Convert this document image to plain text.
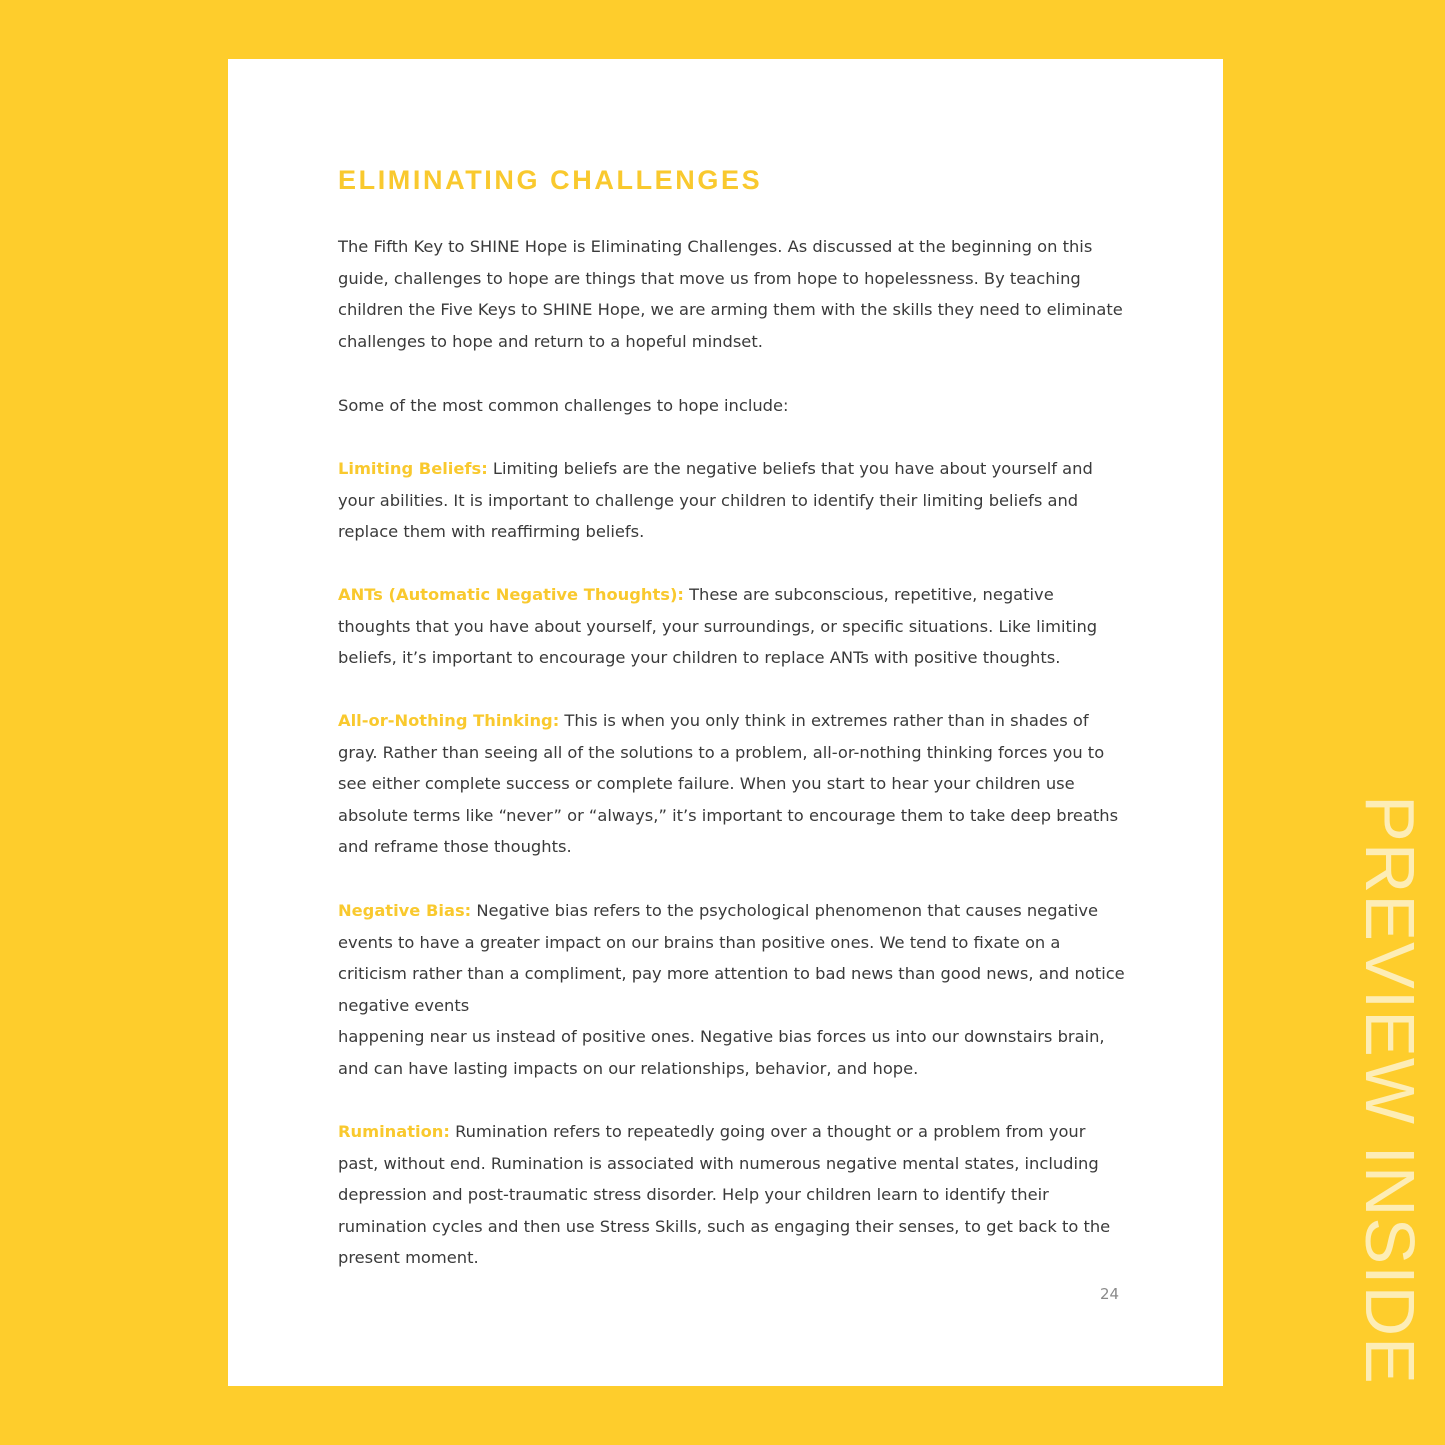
ELIMINATING CHALLENGES

The Fifth Key to SHINE Hope is Eliminating Challenges. As discussed at the beginning on this guide, challenges to hope are things that move us from hope to hopelessness. By teaching children the Five Keys to SHINE Hope, we are arming them with the skills they need to eliminate challenges to hope and return to a hopeful mindset.

Some of the most common challenges to hope include:

Limiting Beliefs: Limiting beliefs are the negative beliefs that you have about yourself and your abilities. It is important to challenge your children to identify their limiting beliefs and replace them with reaffirming beliefs.

ANTs (Automatic Negative Thoughts): These are subconscious, repetitive, negative thoughts that you have about yourself, your surroundings, or specific situations. Like limiting beliefs, it’s important to encourage your children to replace ANTs with positive thoughts.

All-or-Nothing Thinking: This is when you only think in extremes rather than in shades of gray. Rather than seeing all of the solutions to a problem, all-or-nothing thinking forces you to see either complete success or complete failure. When you start to hear your children use absolute terms like “never” or “always,” it’s important to encourage them to take deep breaths and reframe those thoughts.

Negative Bias: Negative bias refers to the psychological phenomenon that causes negative events to have a greater impact on our brains than positive ones. We tend to fixate on a criticism rather than a compliment, pay more attention to bad news than good news, and notice negative events
happening near us instead of positive ones. Negative bias forces us into our downstairs brain, and can have lasting impacts on our relationships, behavior, and hope.

Rumination: Rumination refers to repeatedly going over a thought or a problem from your past, without end. Rumination is associated with numerous negative mental states, including depression and post-traumatic stress disorder. Help your children learn to identify their rumination cycles and then use Stress Skills, such as engaging their senses, to get back to the present moment.

24	PREVIEW INSIDE
